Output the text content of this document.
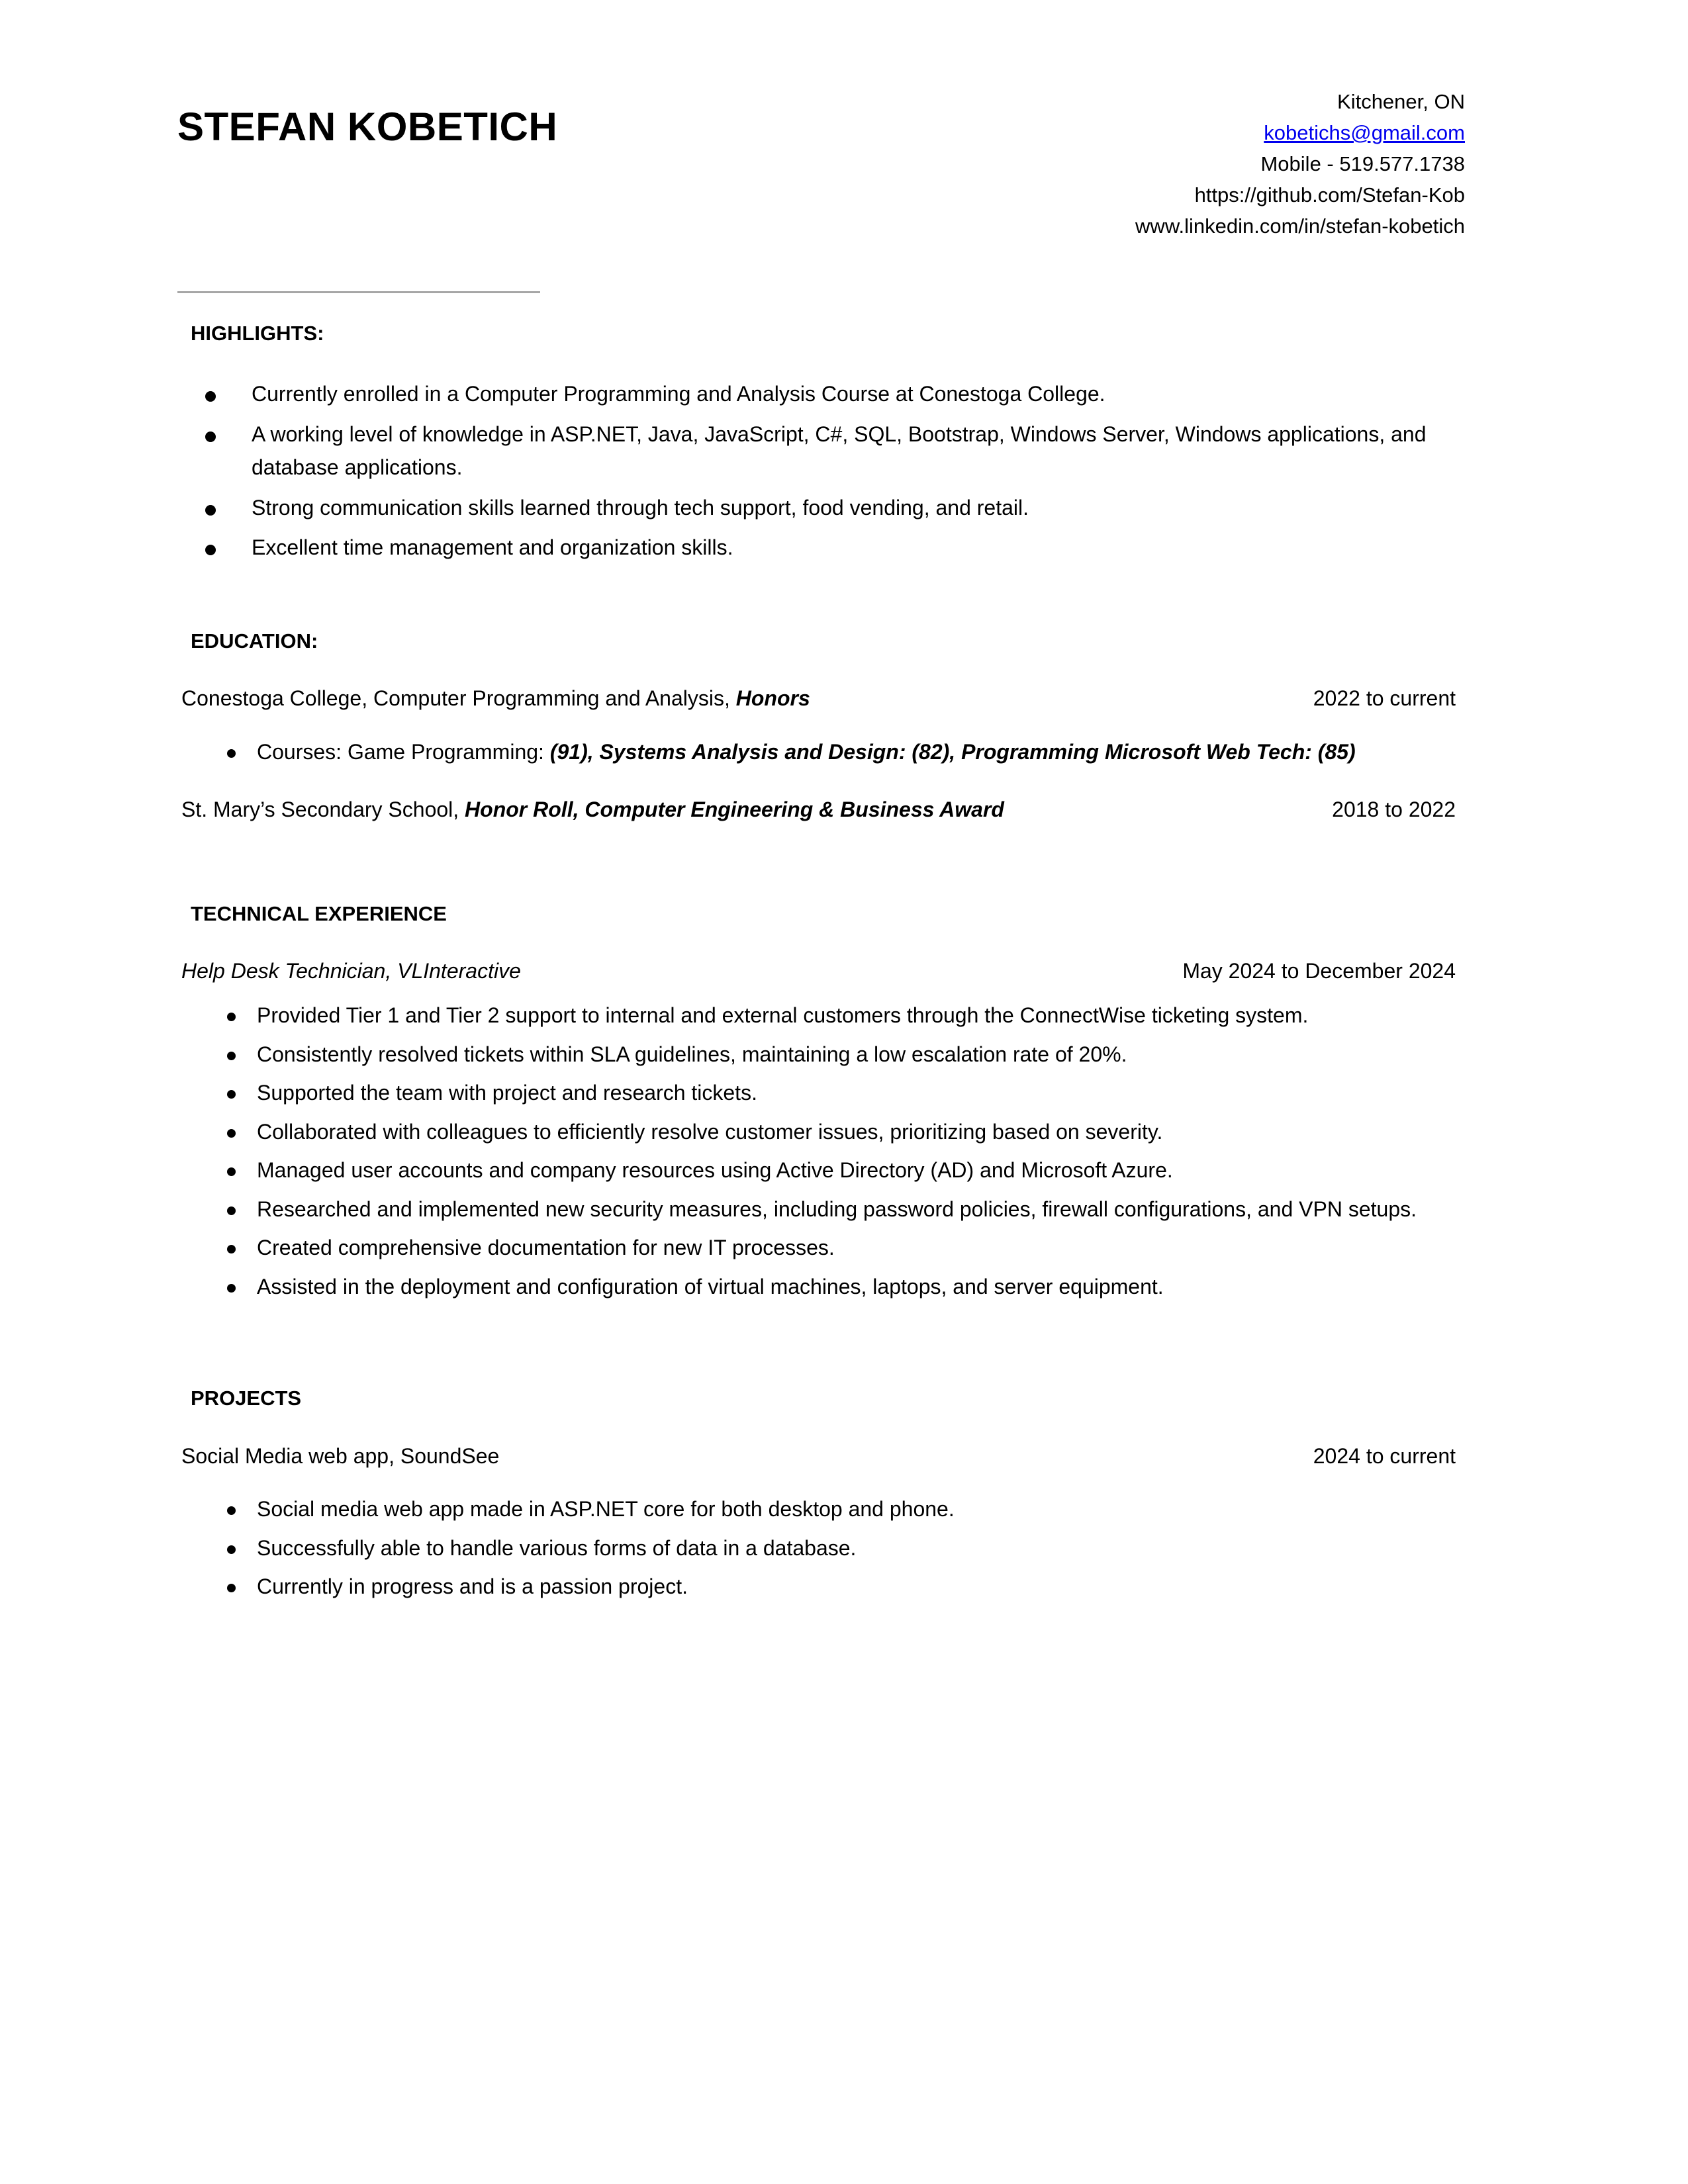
STEFAN KOBETICH
Kitchener, ON
kobetichs@gmail.com
Mobile - 519.577.1738
https://github.com/Stefan-Kob
www.linkedin.com/in/stefan-kobetich
HIGHLIGHTS:
Currently enrolled in a Computer Programming and Analysis Course at Conestoga College.
A working level of knowledge in ASP.NET, Java, JavaScript, C#, SQL, Bootstrap, Windows Server, Windows applications, and database applications.
Strong communication skills learned through tech support, food vending, and retail.
Excellent time management and organization skills.
EDUCATION:
Conestoga College, Computer Programming and Analysis, Honors	2022 to current
Courses: Game Programming: (91), Systems Analysis and Design: (82), Programming Microsoft Web Tech: (85)
St. Mary’s Secondary School, Honor Roll, Computer Engineering & Business Award	2018 to 2022
TECHNICAL EXPERIENCE
Help Desk Technician, VLInteractive	May 2024 to December 2024
Provided Tier 1 and Tier 2 support to internal and external customers through the ConnectWise ticketing system.
Consistently resolved tickets within SLA guidelines, maintaining a low escalation rate of 20%.
Supported the team with project and research tickets.
Collaborated with colleagues to efficiently resolve customer issues, prioritizing based on severity.
Managed user accounts and company resources using Active Directory (AD) and Microsoft Azure.
Researched and implemented new security measures, including password policies, firewall configurations, and VPN setups.
Created comprehensive documentation for new IT processes.
Assisted in the deployment and configuration of virtual machines, laptops, and server equipment.
PROJECTS
Social Media web app, SoundSee	2024 to current
Social media web app made in ASP.NET core for both desktop and phone.
Successfully able to handle various forms of data in a database.
Currently in progress and is a passion project.
